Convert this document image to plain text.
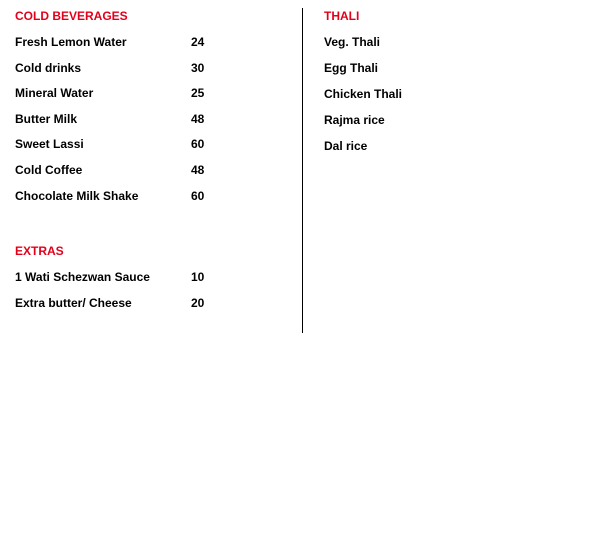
COLD BEVERAGES
Fresh Lemon Water	24
Cold drinks	30
Mineral Water	25
Butter Milk	48
Sweet Lassi	60
Cold Coffee	48
Chocolate Milk Shake	60
EXTRAS
1 Wati Schezwan Sauce	10
Extra butter/ Cheese	20
THALI
Veg. Thali
Egg Thali
Chicken Thali
Rajma rice
Dal rice
